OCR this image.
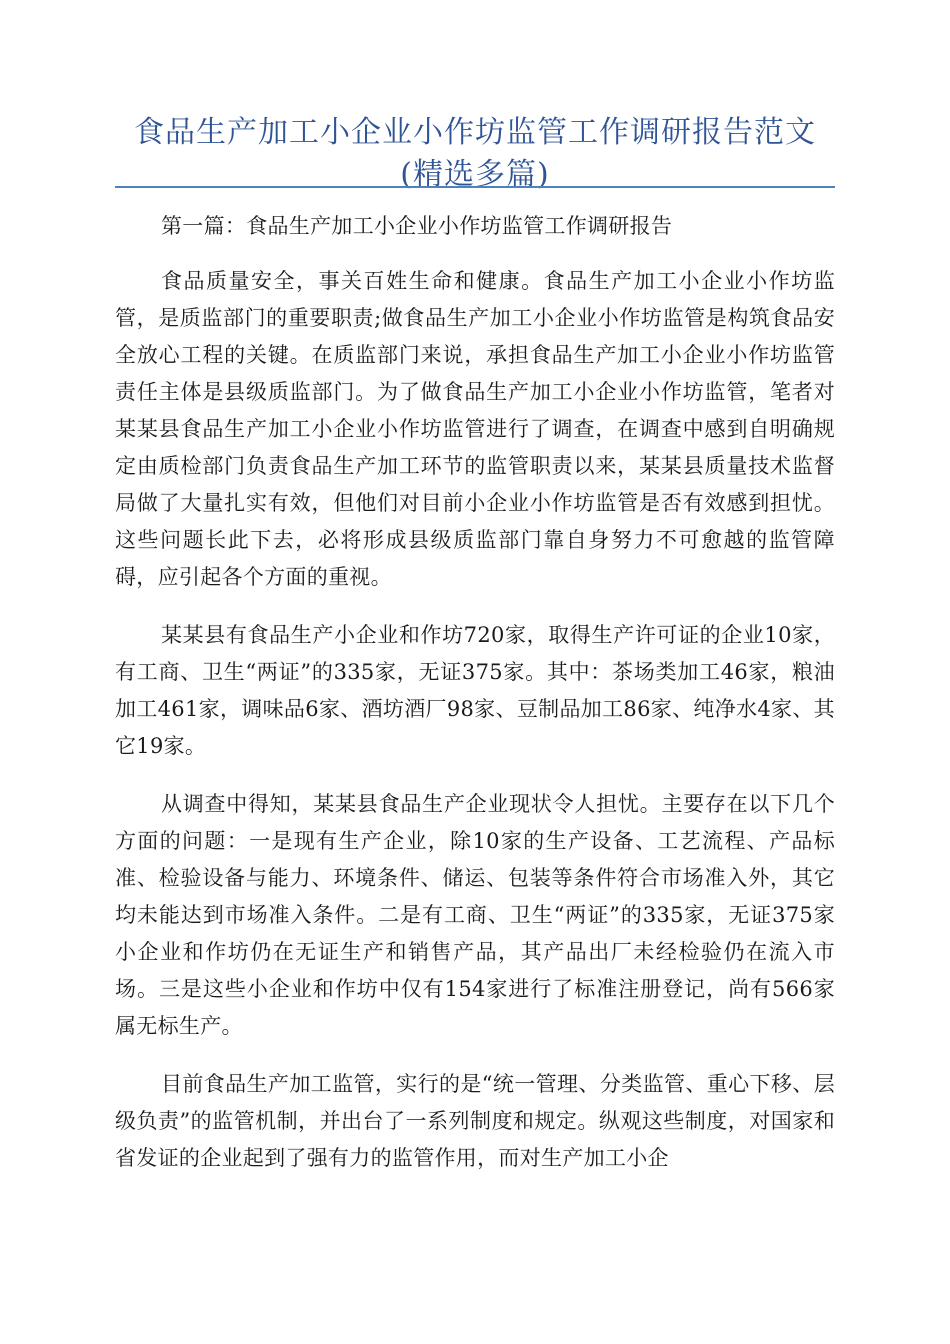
食品生产加工小企业小作坊监管工作调研报告范文(精选多篇)

第一篇：食品生产加工小企业小作坊监管工作调研报告

食品质量安全，事关百姓生命和健康。食品生产加工小企业小作坊监管，是质监部门的重要职责;做食品生产加工小企业小作坊监管是构筑食品安全放心工程的关键。在质监部门来说，承担食品生产加工小企业小作坊监管责任主体是县级质监部门。为了做食品生产加工小企业小作坊监管，笔者对某某县食品生产加工小企业小作坊监管进行了调查，在调查中感到自明确规定由质检部门负责食品生产加工环节的监管职责以来，某某县质量技术监督局做了大量扎实有效，但他们对目前小企业小作坊监管是否有效感到担忧。这些问题长此下去，必将形成县级质监部门靠自身努力不可愈越的监管障碍，应引起各个方面的重视。

某某县有食品生产小企业和作坊720家，取得生产许可证的企业10家，有工商、卫生“两证”的335家，无证375家。其中：茶场类加工46家，粮油加工461家，调味品6家、酒坊酒厂98家、豆制品加工86家、纯净水4家、其它19家。

从调查中得知，某某县食品生产企业现状令人担忧。主要存在以下几个方面的问题：一是现有生产企业，除10家的生产设备、工艺流程、产品标准、检验设备与能力、环境条件、储运、包装等条件符合市场准入外，其它均未能达到市场准入条件。二是有工商、卫生“两证”的335家，无证375家小企业和作坊仍在无证生产和销售产品，其产品出厂未经检验仍在流入市场。三是这些小企业和作坊中仅有154家进行了标准注册登记，尚有566家属无标生产。

目前食品生产加工监管，实行的是“统一管理、分类监管、重心下移、层级负责”的监管机制，并出台了一系列制度和规定。纵观这些制度，对国家和省发证的企业起到了强有力的监管作用，而对生产加工小企
